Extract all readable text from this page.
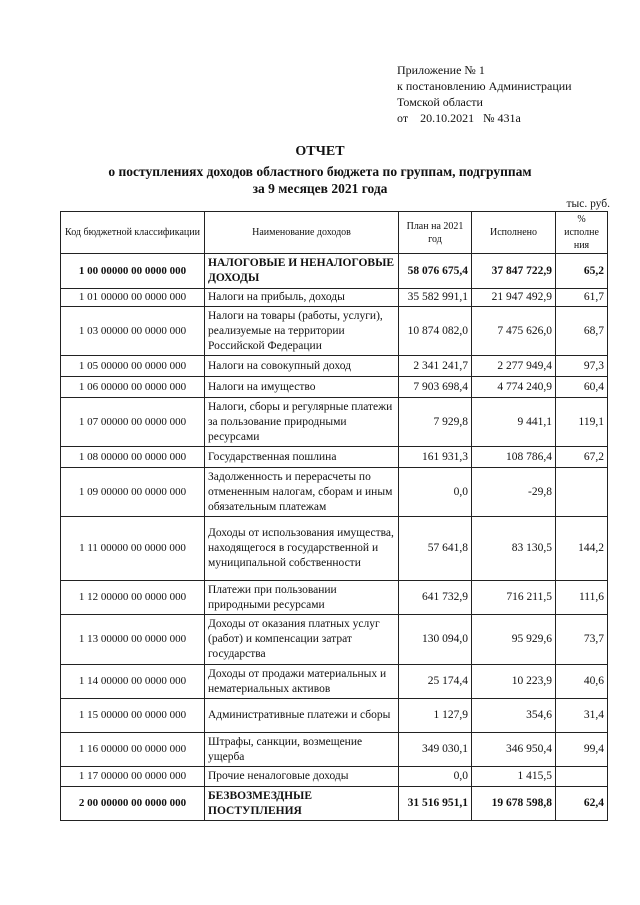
Приложение № 1
к постановлению Администрации
Томской области
от    20.10.2021   № 431а
ОТЧЕТ
о поступлениях доходов областного бюджета по группам, подгруппам
за 9 месяцев 2021 года
тыс. руб.
Код бюджетной классификации	Наименование доходов	План на 2021 год	Исполнено	% исполне ния
1 00 00000 00 0000 000	НАЛОГОВЫЕ И НЕНАЛОГОВЫЕ ДОХОДЫ	58 076 675,4	37 847 722,9	65,2
1 01 00000 00 0000 000	Налоги на прибыль, доходы	35 582 991,1	21 947 492,9	61,7
1 03 00000 00 0000 000	Налоги на товары (работы, услуги), реализуемые на территории Российской Федерации	10 874 082,0	7 475 626,0	68,7
1 05 00000 00 0000 000	Налоги на совокупный доход	2 341 241,7	2 277 949,4	97,3
1 06 00000 00 0000 000	Налоги на имущество	7 903 698,4	4 774 240,9	60,4
1 07 00000 00 0000 000	Налоги, сборы и регулярные платежи за пользование природными ресурсами	7 929,8	9 441,1	119,1
1 08 00000 00 0000 000	Государственная пошлина	161 931,3	108 786,4	67,2
1 09 00000 00 0000 000	Задолженность и перерасчеты по отмененным налогам, сборам и иным обязательным платежам	0,0	-29,8	
1 11 00000 00 0000 000	Доходы от использования имущества, находящегося в государственной и муниципальной собственности	57 641,8	83 130,5	144,2
1 12 00000 00 0000 000	Платежи при пользовании природными ресурсами	641 732,9	716 211,5	111,6
1 13 00000 00 0000 000	Доходы от оказания платных услуг (работ) и компенсации затрат государства	130 094,0	95 929,6	73,7
1 14 00000 00 0000 000	Доходы от продажи материальных и нематериальных активов	25 174,4	10 223,9	40,6
1 15 00000 00 0000 000	Административные платежи и сборы	1 127,9	354,6	31,4
1 16 00000 00 0000 000	Штрафы, санкции, возмещение ущерба	349 030,1	346 950,4	99,4
1 17 00000 00 0000 000	Прочие неналоговые доходы	0,0	1 415,5	
2 00 00000 00 0000 000	БЕЗВОЗМЕЗДНЫЕ ПОСТУПЛЕНИЯ	31 516 951,1	19 678 598,8	62,4
